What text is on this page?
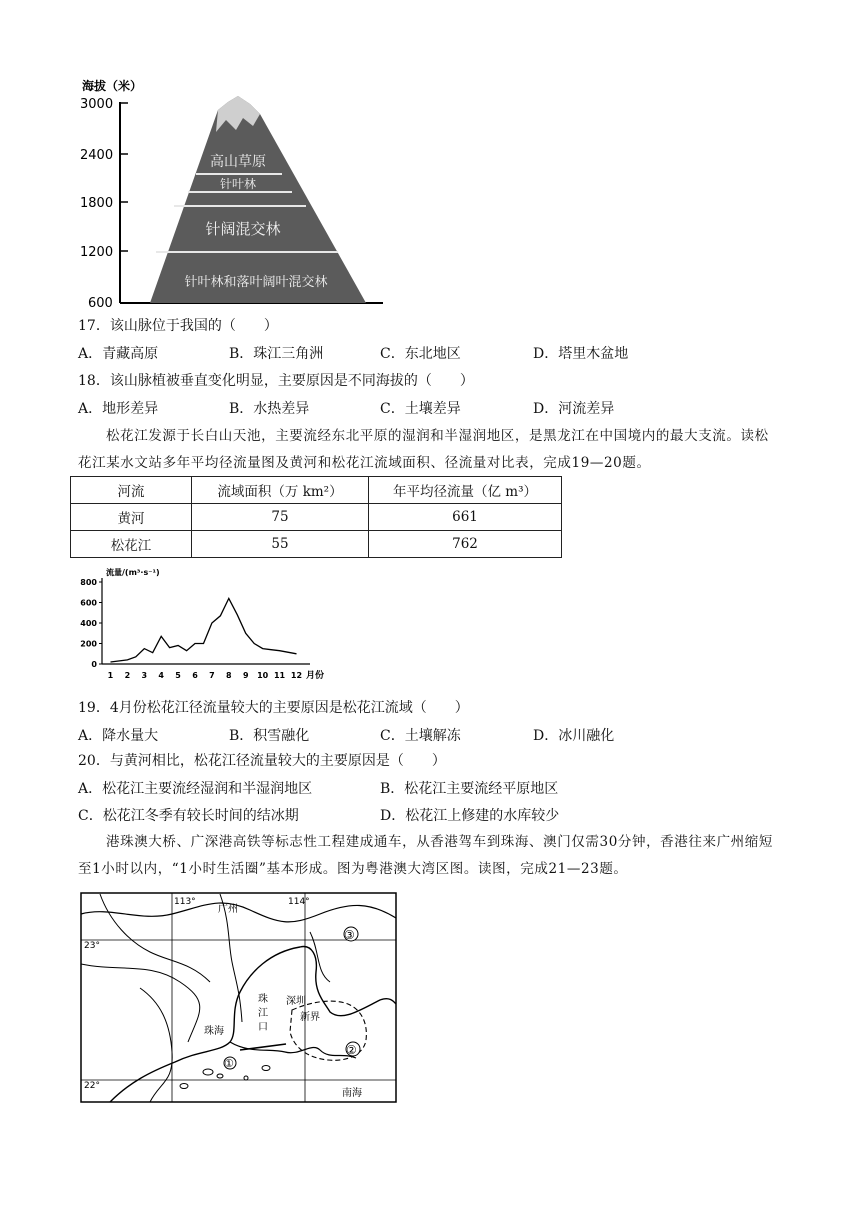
海拔（米）
3000
2400
1800
1200
600
高山草原
针叶林
针阔混交林
针叶林和落叶阔叶混交林
17．该山脉位于我国的（　　）
A．青藏高原	B．珠江三角洲	C．东北地区	D．塔里木盆地
18．该山脉植被垂直变化明显，主要原因是不同海拔的（　　）
A．地形差异	B．水热差异	C．土壤差异	D．河流差异
松花江发源于长白山天池，主要流经东北平原的湿润和半湿润地区，是黑龙江在中国境内的最大支流。读松花江某水文站多年平均径流量图及黄河和松花江流域面积、径流量对比表，完成19—20题。
河流	流域面积（万 km²）	年平均径流量（亿 m³）
黄河	75	661
松花江	55	762
流量/(m³·s⁻¹)
月份
0
200
400
600
800
1 2 3 4 5 6 7 8 9 10 11 12
19．4月份松花江径流量较大的主要原因是松花江流域（　　）
A．降水量大	B．积雪融化	C．土壤解冻	D．冰川融化
20．与黄河相比，松花江径流量较大的主要原因是（　　）
A．松花江主要流经湿润和半湿润地区	B．松花江主要流经平原地区
C．松花江冬季有较长时间的结冰期	D．松花江上修建的水库较少
港珠澳大桥、广深港高铁等标志性工程建成通车，从香港驾车到珠海、澳门仅需30分钟，香港往来广州缩短至1小时以内，“1小时生活圈”基本形成。图为粤港澳大湾区图。读图，完成21—23题。
113°	114°
23°
22°
广州
深圳
珠
江
口
珠海
新界
南海
①
②
③
